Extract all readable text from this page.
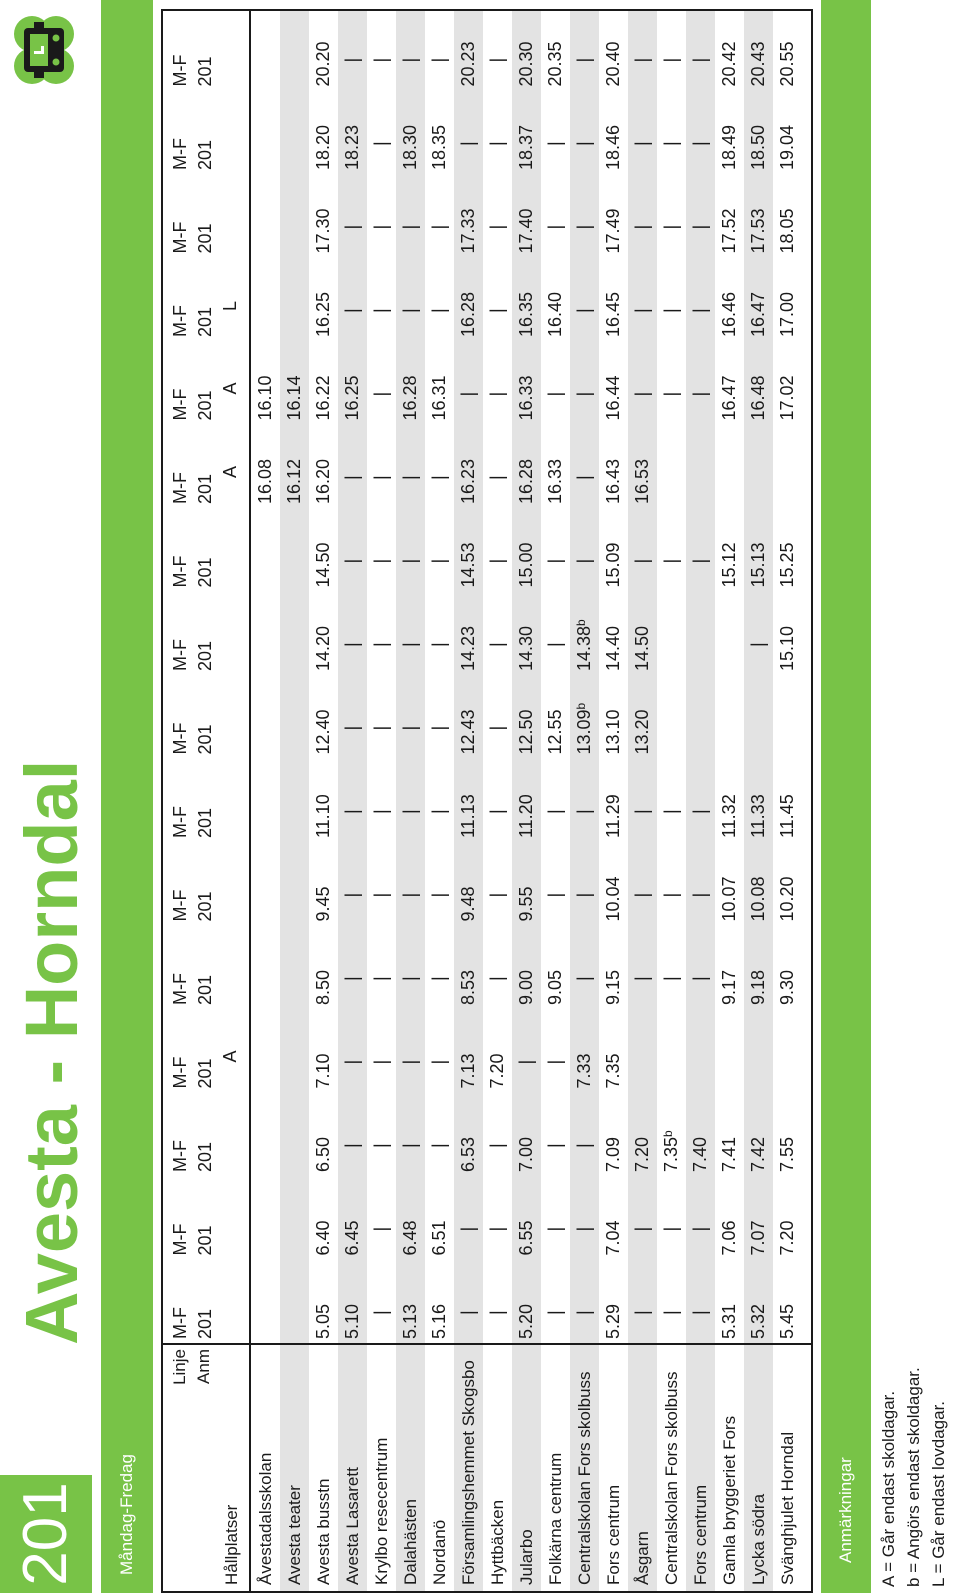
201
Avesta - Horndal
Måndag-Fredag
Linje Anm
Hållplatser
M-F 201
M-F 201
M-F 201
M-F 201
A
M-F 201
M-F 201
M-F 201
M-F 201
M-F 201
M-F 201
M-F 201
A
M-F 201
A
M-F 201
L
M-F 201
M-F 201
M-F 201
Åvestadalsskolan
16.08
16.10
Avesta teater
16.12
16.14
Avesta busstn
5.05
6.40
6.50
7.10
8.50
9.45
11.10
12.40
14.20
14.50
16.20
16.22
16.25
17.30
18.20
20.20
Avesta Lasarett
5.10
6.45
|
|
|
|
|
|
|
|
|
16.25
|
|
18.23
|
Krylbo resecentrum
|
|
|
|
|
|
|
|
|
|
|
|
|
|
|
|
Dalahästen
5.13
6.48
|
|
|
|
|
|
|
|
|
16.28
|
|
18.30
|
Nordanö
5.16
6.51
|
|
|
|
|
|
|
|
|
16.31
|
|
18.35
|
Församlingshemmet Skogsbo
|
|
6.53
7.13
8.53
9.48
11.13
12.43
14.23
14.53
16.23
|
16.28
17.33
|
20.23
Hyttbäcken
|
|
|
7.20
|
|
|
|
|
|
|
|
|
|
|
|
Jularbo
5.20
6.55
7.00
|
9.00
9.55
11.20
12.50
14.30
15.00
16.28
16.33
16.35
17.40
18.37
20.30
Folkärna centrum
|
|
|
|
9.05
|
|
12.55
|
|
16.33
|
16.40
|
|
20.35
Centralskolan Fors skolbuss
|
|
|
7.33
|
|
|
13.09$^b$
14.38$^b$
|
|
|
|
|
|
|
Fors centrum
5.29
7.04
7.09
7.35
9.15
10.04
11.29
13.10
14.40
15.09
16.43
16.44
16.45
17.49
18.46
20.40
Åsgarn
|
|
7.20
|
|
|
13.20
14.50
|
16.53
|
|
|
|
|
Centralskolan Fors skolbuss
|
|
7.35$^b$
|
|
|
|
|
|
|
|
|
Fors centrum
|
|
7.40
|
|
|
|
|
|
|
|
|
Gamla bryggeriet Fors
5.31
7.06
7.41
9.17
10.07
11.32
15.12
16.47
16.46
17.52
18.49
20.42
Lycka södra
5.32
7.07
7.42
9.18
10.08
11.33
|
15.13
16.48
16.47
17.53
18.50
20.43
Svänghjulet Horndal
5.45
7.20
7.55
9.30
10.20
11.45
15.10
15.25
17.02
17.00
18.05
19.04
20.55
Anmärkningar	A = Går endast skoldagar. b = Angörs endast skoldagar. L = Går endast lovdagar.
